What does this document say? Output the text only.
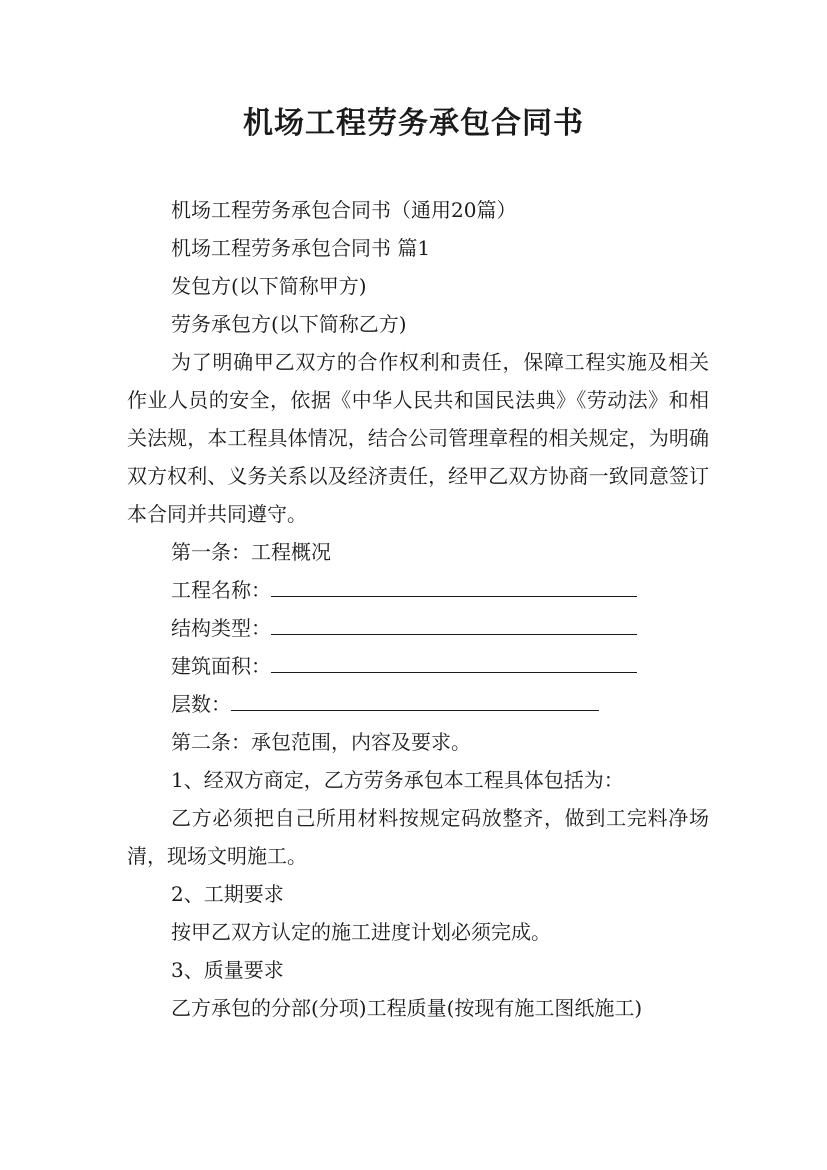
机场工程劳务承包合同书

机场工程劳务承包合同书（通用20篇）

机场工程劳务承包合同书 篇1

发包方(以下简称甲方)

劳务承包方(以下简称乙方)

为了明确甲乙双方的合作权利和责任，保障工程实施及相关作业人员的安全，依据《中华人民共和国民法典》《劳动法》和相关法规，本工程具体情况，结合公司管理章程的相关规定，为明确双方权利、义务关系以及经济责任，经甲乙双方协商一致同意签订本合同并共同遵守。

第一条：工程概况

工程名称：
结构类型：
建筑面积：
层数：

第二条：承包范围，内容及要求。

1、经双方商定，乙方劳务承包本工程具体包括为：

乙方必须把自己所用材料按规定码放整齐，做到工完料净场清，现场文明施工。

2、工期要求

按甲乙双方认定的施工进度计划必须完成。

3、质量要求

乙方承包的分部(分项)工程质量(按现有施工图纸施工)
